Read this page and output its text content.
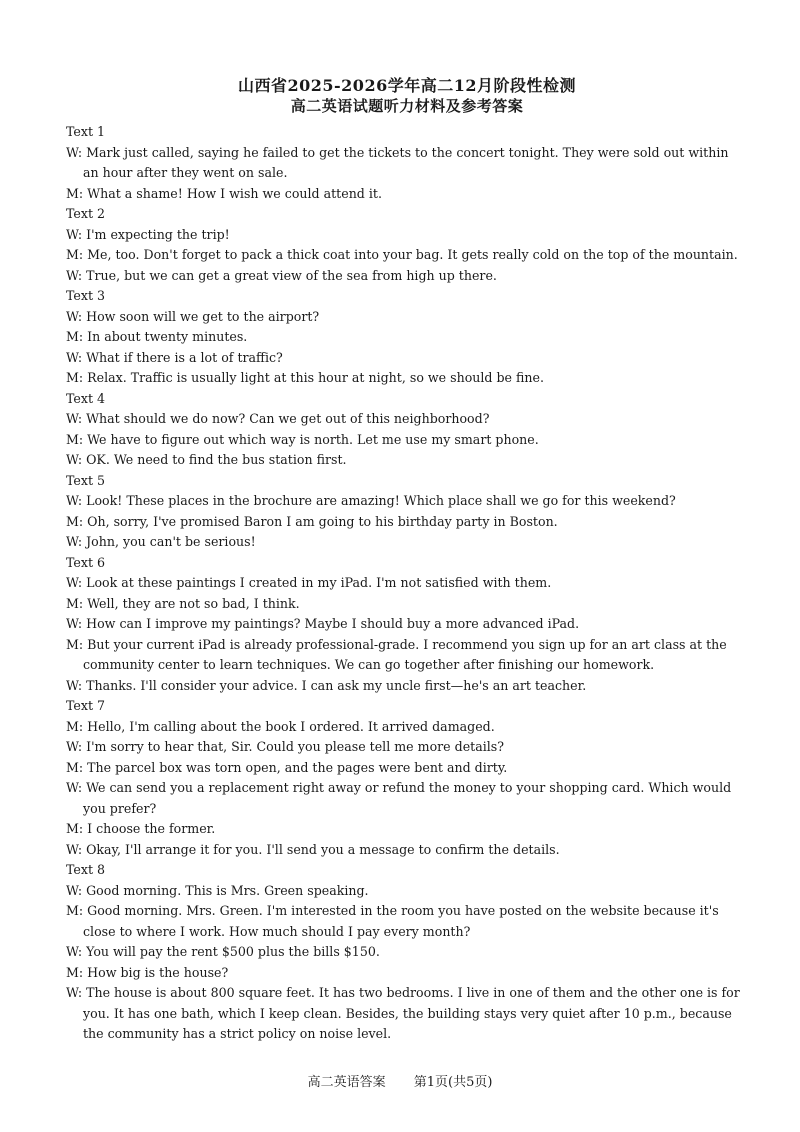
山西省2025-2026学年高二12月阶段性检测
高二英语试题听力材料及参考答案
Text 1
W: Mark just called, saying he failed to get the tickets to the concert tonight. They were sold out within an hour after they went on sale.
M: What a shame! How I wish we could attend it.
Text 2
W: I'm expecting the trip!
M: Me, too. Don't forget to pack a thick coat into your bag. It gets really cold on the top of the mountain.
W: True, but we can get a great view of the sea from high up there.
Text 3
W: How soon will we get to the airport?
M: In about twenty minutes.
W: What if there is a lot of traffic?
M: Relax. Traffic is usually light at this hour at night, so we should be fine.
Text 4
W: What should we do now? Can we get out of this neighborhood?
M: We have to figure out which way is north. Let me use my smart phone.
W: OK. We need to find the bus station first.
Text 5
W: Look! These places in the brochure are amazing! Which place shall we go for this weekend?
M: Oh, sorry, I've promised Baron I am going to his birthday party in Boston.
W: John, you can't be serious!
Text 6
W: Look at these paintings I created in my iPad. I'm not satisfied with them.
M: Well, they are not so bad, I think.
W: How can I improve my paintings? Maybe I should buy a more advanced iPad.
M: But your current iPad is already professional-grade. I recommend you sign up for an art class at the community center to learn techniques. We can go together after finishing our homework.
W: Thanks. I'll consider your advice. I can ask my uncle first—he's an art teacher.
Text 7
M: Hello, I'm calling about the book I ordered. It arrived damaged.
W: I'm sorry to hear that, Sir. Could you please tell me more details?
M: The parcel box was torn open, and the pages were bent and dirty.
W: We can send you a replacement right away or refund the money to your shopping card. Which would you prefer?
M: I choose the former.
W: Okay, I'll arrange it for you. I'll send you a message to confirm the details.
Text 8
W: Good morning. This is Mrs. Green speaking.
M: Good morning. Mrs. Green. I'm interested in the room you have posted on the website because it's close to where I work. How much should I pay every month?
W: You will pay the rent $500 plus the bills $150.
M: How big is the house?
W: The house is about 800 square feet. It has two bedrooms. I live in one of them and the other one is for you. It has one bath, which I keep clean. Besides, the building stays very quiet after 10 p.m., because the community has a strict policy on noise level.
高二英语答案 第1页(共5页)
